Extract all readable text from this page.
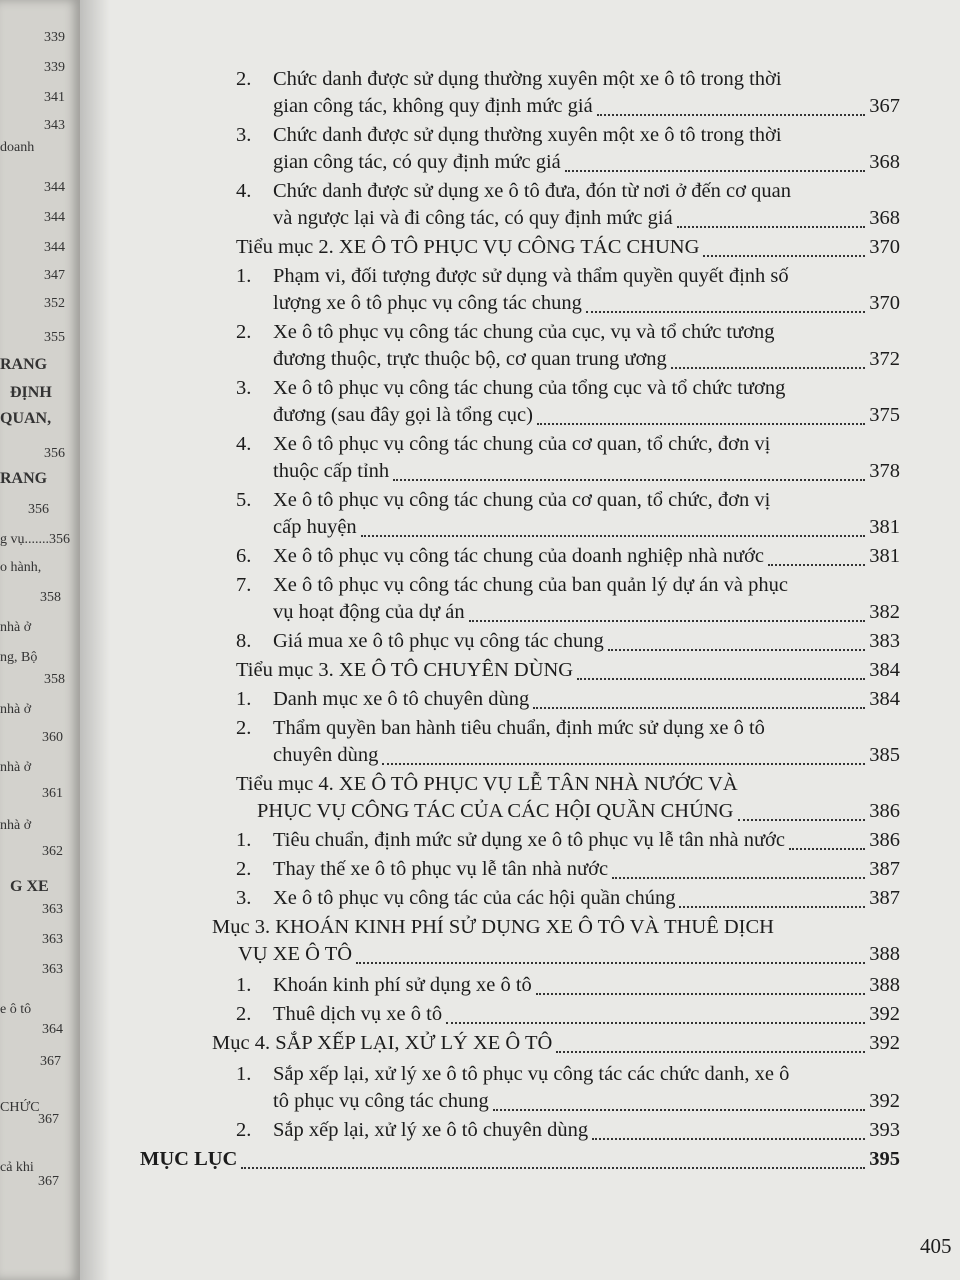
339
339
341
343
doanh
344
344
344
347
352
355
RANG
ĐỊNH
QUAN,
356
RANG
356
g vụ.......356
o hành,
358
nhà ở
ng, Bộ
358
nhà ở
360
nhà ở
361
nhà ở
362
G XE
363
363
363
e ô tô
364
367
CHỨC
367
cả khi
367
2. Chức danh được sử dụng thường xuyên một xe ô tô trong thời
gian công tác, không quy định mức giá	367
3. Chức danh được sử dụng thường xuyên một xe ô tô trong thời
gian công tác, có quy định mức giá	368
4. Chức danh được sử dụng xe ô tô đưa, đón từ nơi ở đến cơ quan
và ngược lại và đi công tác, có quy định mức giá	368
Tiểu mục 2. XE Ô TÔ PHỤC VỤ CÔNG TÁC CHUNG	370
1. Phạm vi, đối tượng được sử dụng và thẩm quyền quyết định số
lượng xe ô tô phục vụ công tác chung	370
2. Xe ô tô phục vụ công tác chung của cục, vụ và tổ chức tương
đương thuộc, trực thuộc bộ, cơ quan trung ương	372
3. Xe ô tô phục vụ công tác chung của tổng cục và tổ chức tương
đương (sau đây gọi là tổng cục)	375
4. Xe ô tô phục vụ công tác chung của cơ quan, tổ chức, đơn vị
thuộc cấp tỉnh	378
5. Xe ô tô phục vụ công tác chung của cơ quan, tổ chức, đơn vị
cấp huyện	381
6. Xe ô tô phục vụ công tác chung của doanh nghiệp nhà nước	381
7. Xe ô tô phục vụ công tác chung của ban quản lý dự án và phục
vụ hoạt động của dự án	382
8. Giá mua xe ô tô phục vụ công tác chung	383
Tiểu mục 3. XE Ô TÔ CHUYÊN DÙNG	384
1. Danh mục xe ô tô chuyên dùng	384
2. Thẩm quyền ban hành tiêu chuẩn, định mức sử dụng xe ô tô
chuyên dùng	385
Tiểu mục 4. XE Ô TÔ PHỤC VỤ LỄ TÂN NHÀ NƯỚC VÀ
PHỤC VỤ CÔNG TÁC CỦA CÁC HỘI QUẦN CHÚNG	386
1. Tiêu chuẩn, định mức sử dụng xe ô tô phục vụ lễ tân nhà nước	386
2. Thay thế xe ô tô phục vụ lễ tân nhà nước	387
3. Xe ô tô phục vụ công tác của các hội quần chúng	387
Mục 3. KHOÁN KINH PHÍ SỬ DỤNG XE Ô TÔ VÀ THUÊ DỊCH
VỤ XE Ô TÔ	388
1. Khoán kinh phí sử dụng xe ô tô	388
2. Thuê dịch vụ xe ô tô	392
Mục 4. SẮP XẾP LẠI, XỬ LÝ XE Ô TÔ	392
1. Sắp xếp lại, xử lý xe ô tô phục vụ công tác các chức danh, xe ô
tô phục vụ công tác chung	392
2. Sắp xếp lại, xử lý xe ô tô chuyên dùng	393
MỤC LỤC	395
405
